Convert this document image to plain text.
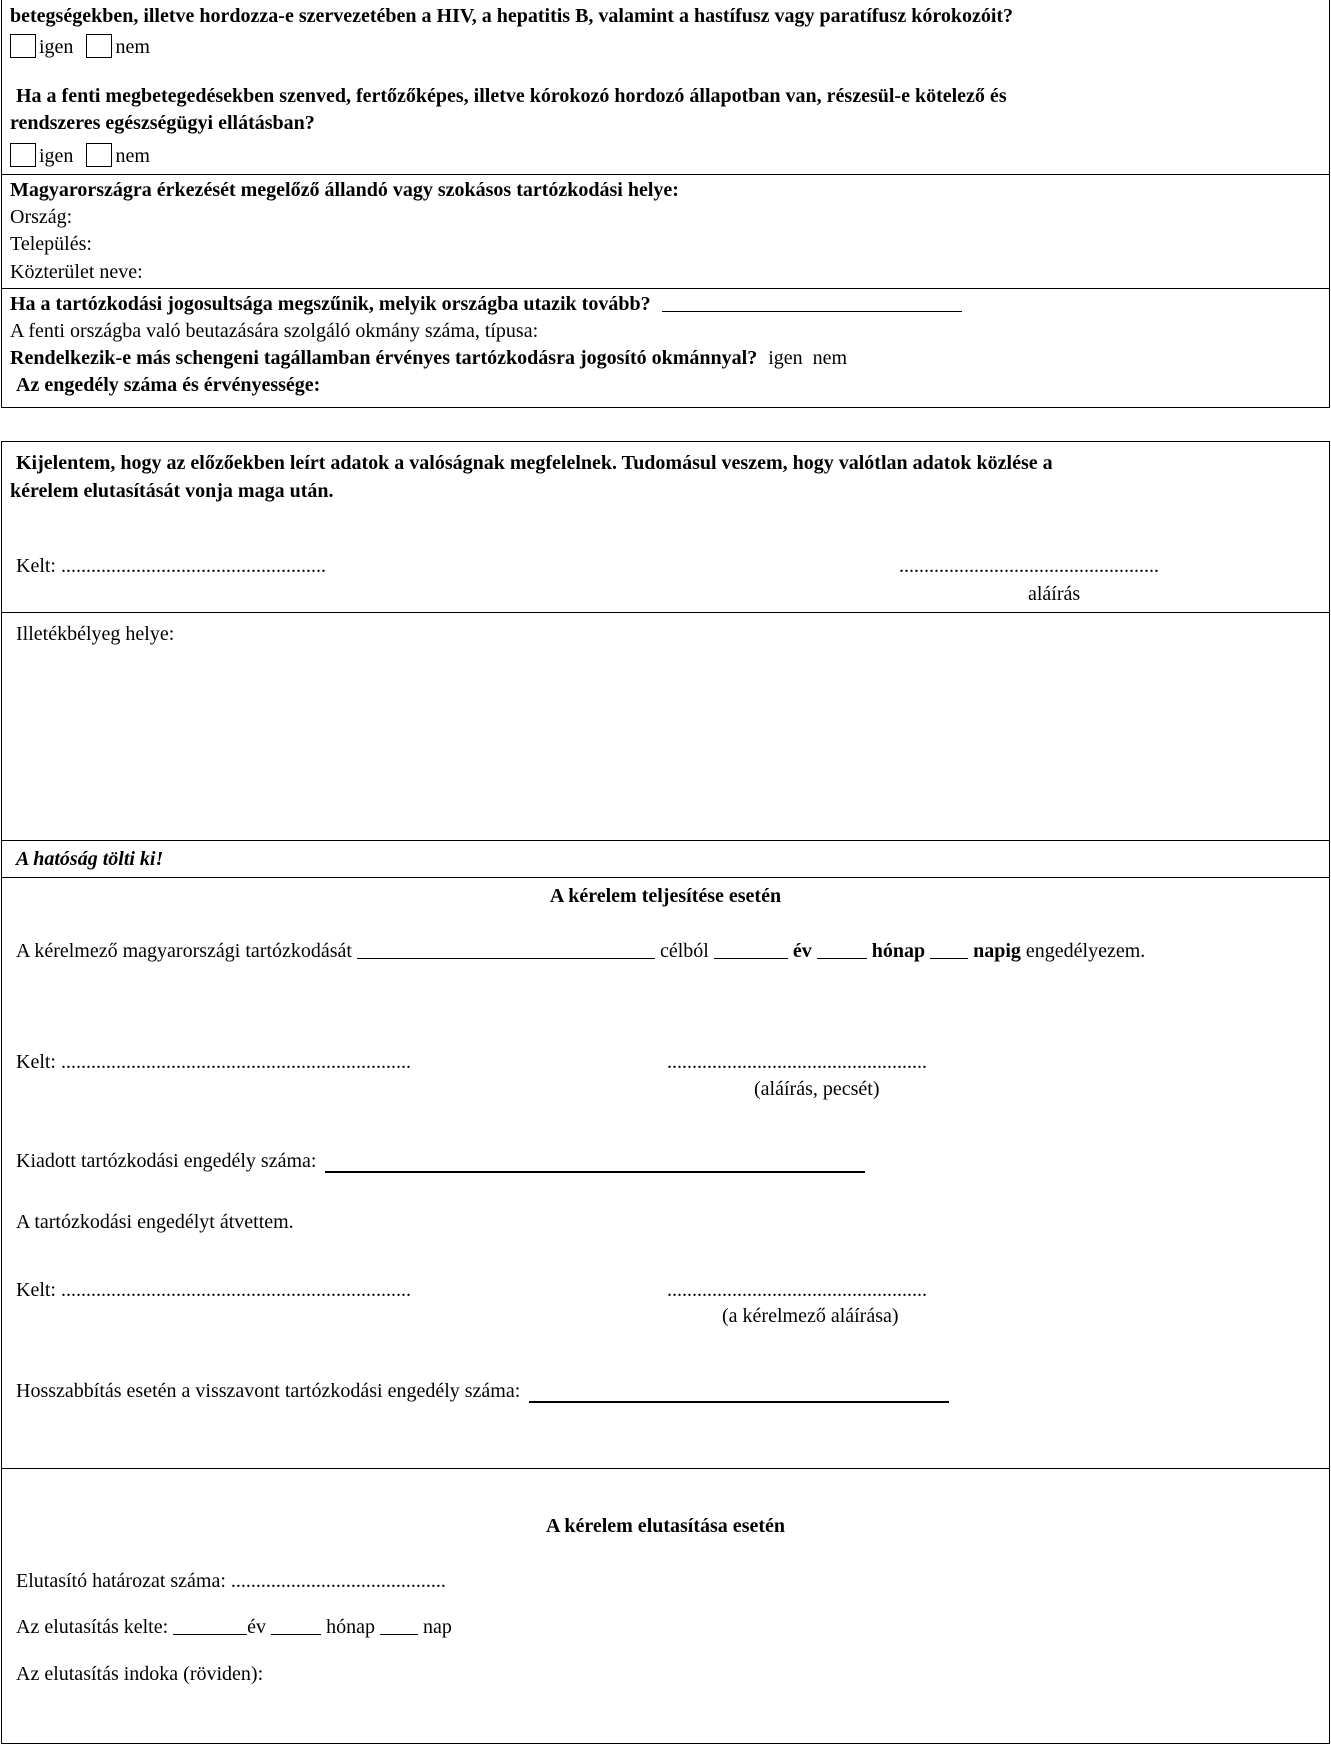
betegségekben, illetve hordozza-e szervezetében a HIV, a hepatitis B, valamint a hastífusz vagy paratífusz kórokozóit?
igen nem
Ha a fenti megbetegedésekben szenved, fertőzőképes, illetve kórokozó hordozó állapotban van, részesül-e kötelező és
rendszeres egészségügyi ellátásban?
igen nem
Magyarországra érkezését megelőző állandó vagy szokásos tartózkodási helye:
Ország:
Település:
Közterület neve:
Ha a tartózkodási jogosultsága megszűnik, melyik országba utazik tovább?
A fenti országba való beutazására szolgáló okmány száma, típusa:
Rendelkezik-e más schengeni tagállamban érvényes tartózkodásra jogosító okmánnyal? igen  nem
Az engedély száma és érvényessége:
Kijelentem, hogy az előzőekben leírt adatok a valóságnak megfelelnek. Tudomásul veszem, hogy valótlan adatok közlése a
kérelem elutasítását vonja maga után.
Kelt: .....................................................	....................................................
aláírás
Illetékbélyeg helye:
A hatóság tölti ki!
A kérelem teljesítése esetén
A kérelmező magyarországi tartózkodását	célból	év	hónap napig engedélyezem.
Kelt: ......................................................................	....................................................
(aláírás, pecsét)
Kiadott tartózkodási engedély száma:
A tartózkodási engedélyt átvettem.
Kelt: ......................................................................	....................................................
(a kérelmező aláírása)
Hosszabbítás esetén a visszavont tartózkodási engedély száma:
A kérelem elutasítása esetén
Elutasító határozat száma: ...........................................
Az elutasítás kelte:	év	hónap nap
Az elutasítás indoka (röviden):
